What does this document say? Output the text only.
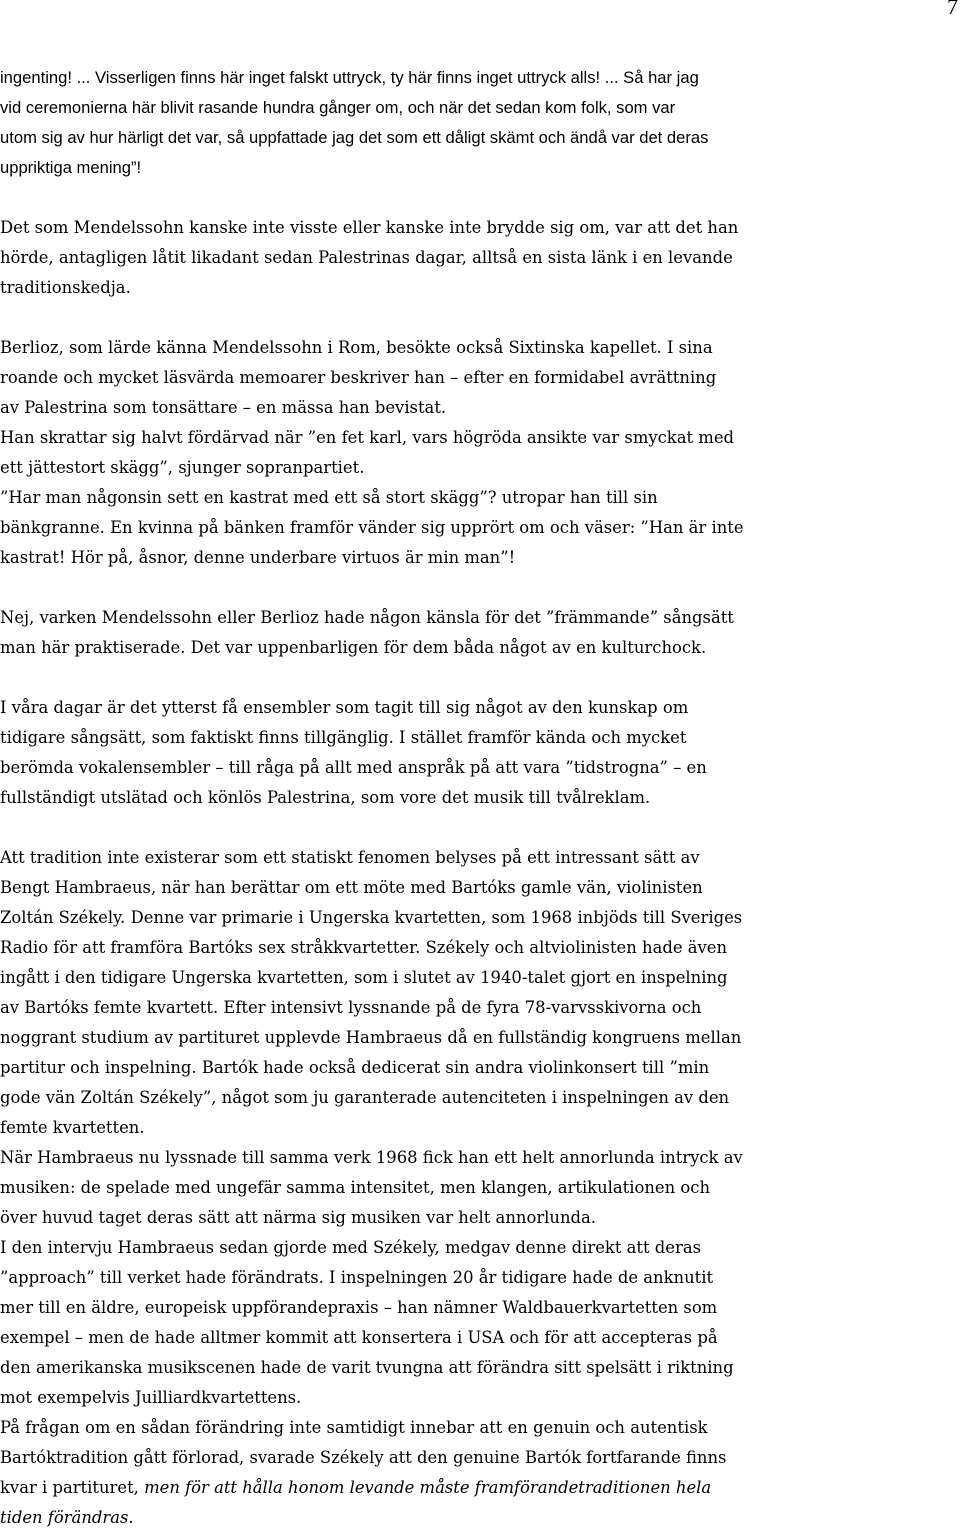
7

ingenting! ... Visserligen finns här inget falskt uttryck, ty här finns inget uttryck alls! ... Så har jag

vid ceremonierna här blivit rasande hundra gånger om, och när det sedan kom folk, som var

utom sig av hur härligt det var, så uppfattade jag det som ett dåligt skämt och ändå var det deras

uppriktiga mening”!

Det som Mendelssohn kanske inte visste eller kanske inte brydde sig om, var att det han

hörde, antagligen låtit likadant sedan Palestrinas dagar, alltså en sista länk i en levande

traditionskedja.

Berlioz, som lärde känna Mendelssohn i Rom, besökte också Sixtinska kapellet. I sina

roande och mycket läsvärda memoarer beskriver han – efter en formidabel avrättning

av Palestrina som tonsättare – en mässa han bevistat.

Han skrattar sig halvt fördärvad när ”en fet karl, vars högröda ansikte var smyckat med

ett jättestort skägg”, sjunger sopranpartiet.

”Har man någonsin sett en kastrat med ett så stort skägg”? utropar han till sin

bänkgranne. En kvinna på bänken framför vänder sig upprört om och väser: ”Han är inte

kastrat! Hör på, åsnor, denne underbare virtuos är min man”!

Nej, varken Mendelssohn eller Berlioz hade någon känsla för det ”främmande” sångsätt

man här praktiserade. Det var uppenbarligen för dem båda något av en kulturchock.

I våra dagar är det ytterst få ensembler som tagit till sig något av den kunskap om

tidigare sångsätt, som faktiskt finns tillgänglig. I stället framför kända och mycket

berömda vokalensembler – till råga på allt med anspråk på att vara ”tidstrogna” – en

fullständigt utslätad och könlös Palestrina, som vore det musik till tvålreklam.

Att tradition inte existerar som ett statiskt fenomen belyses på ett intressant sätt av

Bengt Hambraeus, när han berättar om ett möte med Bartóks gamle vän, violinisten

Zoltán Székely. Denne var primarie i Ungerska kvartetten, som 1968 inbjöds till Sveriges

Radio för att framföra Bartóks sex stråkkvartetter. Székely och altviolinisten hade även

ingått i den tidigare Ungerska kvartetten, som i slutet av 1940-talet gjort en inspelning

av Bartóks femte kvartett. Efter intensivt lyssnande på de fyra 78-varvsskivorna och

noggrant studium av partituret upplevde Hambraeus då en fullständig kongruens mellan

partitur och inspelning. Bartók hade också dedicerat sin andra violinkonsert till ”min

gode vän Zoltán Székely”, något som ju garanterade autenciteten i inspelningen av den

femte kvartetten.

När Hambraeus nu lyssnade till samma verk 1968 fick han ett helt annorlunda intryck av

musiken: de spelade med ungefär samma intensitet, men klangen, artikulationen och

över huvud taget deras sätt att närma sig musiken var helt annorlunda.

I den intervju Hambraeus sedan gjorde med Székely, medgav denne direkt att deras

”approach” till verket hade förändrats. I inspelningen 20 år tidigare hade de anknutit

mer till en äldre, europeisk uppförandepraxis – han nämner Waldbauerkvartetten som

exempel – men de hade alltmer kommit att konsertera i USA och för att accepteras på

den amerikanska musikscenen hade de varit tvungna att förändra sitt spelsätt i riktning

mot exempelvis Juilliardkvartettens.

På frågan om en sådan förändring inte samtidigt innebar att en genuin och autentisk

Bartóktradition gått förlorad, svarade Székely att den genuine Bartók fortfarande finns

kvar i partituret, men för att hålla honom levande måste framförandetraditionen hela

tiden förändras.
